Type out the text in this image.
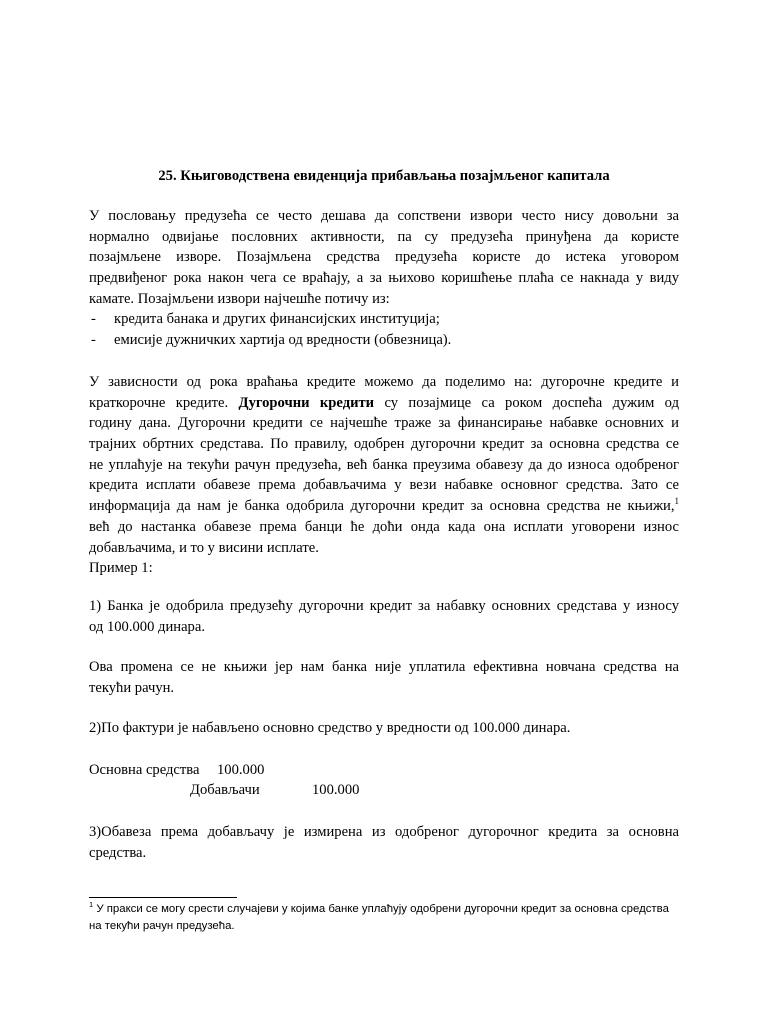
25. Књиговодствена евиденција прибављања позајмљеног капитала
У пословању предузећа се често дешава да сопствени извори често нису довољни за
нормално одвијање пословних активности, па су предузећа принуђена да користе
позајмљене изворе. Позајмљена средства предузећа користе до истека уговором
предвиђеног рока након чега се враћају, а за њихово коришћење плаћа се накнада у виду
камате. Позајмљени извори најчешће потичу из:
- кредита банака и других финансијских институција;
- емисије дужничких хартија од вредности (обвезница).
У зависности од рока враћања кредите можемо да поделимо на: дугорочне кредите и
краткорочне кредите. Дугорочни кредити су позајмице са роком доспећа дужим од
годину дана. Дугорочни кредити се најчешће траже за финансирање набавке основних и
трајних обртних средстава. По правилу, одобрен дугорочни кредит за основна средства се
не уплаћује на текући рачун предузећа, већ банка преузима обавезу да до износа одобреног
кредита исплати обавезе према добављачима у вези набавке основног средства. Зато се
информација да нам је банка одобрила дугорочни кредит за основна средства не књижи,$^1$
већ до настанка обавезе према банци ће доћи онда када она исплати уговорени износ
добављачима, и то у висини исплате.
Пример 1:
1) Банка је одобрила предузећу дугорочни кредит за набавку основних средстава у износу
од 100.000 динара.
Ова промена се не књижи јер нам банка није уплатила ефективна новчана средства на
текући рачун.
2)По фактури је набављено основно средство у вредности од 100.000 динара.
Основна средства 100.000
Добављачи	100.000
3)Обавеза према добављачу је измирена из одобреног дугорочног кредита за основна
средства.
$^1$ У пракси се могу срести случајеви у којима банке уплаћују одобрени дугорочни кредит за основна средства
на текући рачун предузећа.
